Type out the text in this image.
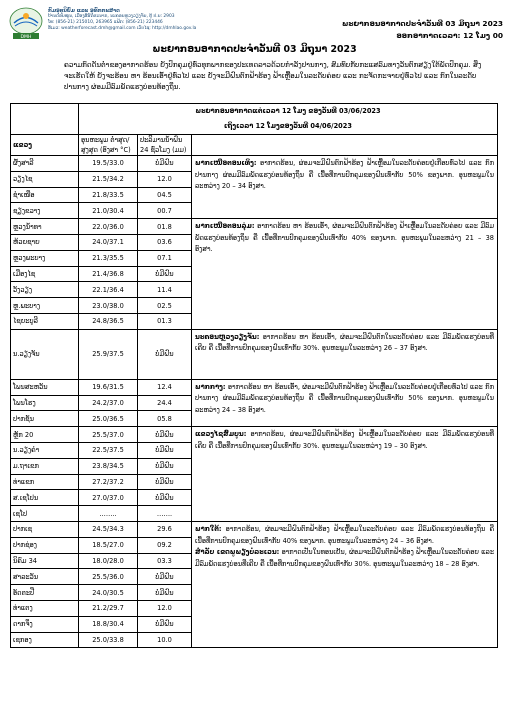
DMH
ກົມອຸຕຸນິຍົມ ແລະ ອຸທົກກະສາດ
ບ້ານດອນໜູນ, ເມືອງສີສັດຕະນາກ, ນະຄອນຫຼວງວຽງຈັນ, ຕູ້ ປ.ນ: 2903
ໂທ: (856-21) 215010, 263965 ແຟັກ: (856-21) 223446
ອີເມວ: weatherforecast.dmh@gmail.com ເວັບໄຊ: http://dmhlao.gov.la
ພະຍາກອນອາກາດປະຈໍາວັນທີ 03 ມິຖຸນາ 2023
ອອກອາກາດເວລາ: 12 ໂມງ 00
ພະຍາກອນອາກາດປະຈຳວັນທີ 03 ມິຖຸນາ 2023
ຄວາມກົດດັນຕ່ຳຂອງອາກາດຮ້ອນ ຍັງປົກຄຸມຢູ່ທົ່ວທຸກພາກຂອງປະເທດລາວດ້ວຍກຳລັງປານກາງ, ສົມທົບກັບກະແສລົມທາງວັນຕົກສຽງໃຕ້ພັດປົກຄຸມ. ສິ່ງຈະເຮັດໃຫ້ ຍັງຈະຮ້ອນ ຫາ ຮ້ອນເອົ້າຢູ່ທົ່ວໄປ ແລະ ຍັງຈະມີຝົນຕົກຟ້າຮ້ອງ ຟ້າເຫຼື້ອມໃນລະດັບຄ່ອຍ ແລະ ກະຈັດກະຈາຍຢູ່ທົ່ວໄປ ແລະ ກົກໃນລະດັບປານກາງ ຜ່ອມມີລົມພັດແຮງບ່ອນທ້ອງຖິ່ນ.

	ພະຍາກອນອາກາດແຕ່ເວລາ 12 ໂມງ ຂອງວັນທີ 03/06/2023
ເຖິງເວລາ 12 ໂມງຂອງວັນທີ 04/06/2023		

ແຂວງ	ອຸນຫະພູມ ຕ່ຳສຸດ/ ສູງສຸດ (ອົງສາ °C)	ປະລິມານນ້ຳຝົນ 24 ຊົ່ວໂມງ (ມມ)	
ຜົ້ງສາລີ	19.5/33.0	ບໍ່ມີຝົນ	ພາກເໜືອຕອນເທິງ: ອາກາດຮ້ອນ, ຜ່ອມຈະມີຝົນຕົກຟ້າຮ້ອງ ຟ້າເຫຼື້ອມໃນລະດັບຄ່ອຍຢູ່ເກືອບທົ່ວໄປ ແລະ ກົກປານກາງ ຜ່ອມມີລົມພັດແຮງບ່ອນທ້ອງຖິ່ນ ຄື ເນື້ອທີ່ການປົກຄຸມຂອງຝົນເທົ່າກັບ 50% ຂອງພາກ. ອຸນຫະພູມໃນລະຫວ່າງ 20 – 34 ອົງສາ.
ວຽງໄຊ	21.5/34.2	12.0	
ຊຳເໜືອ	21.8/33.5	04.5	
ຊຽງຂວາງ	21.0/30.4	00.7	
ຫຼວງນ້ຳທາ	22.0/36.0	01.8	ພາກເໜືອຕອນລຸ່ມ: ອາກາດຮ້ອນ ຫາ ຮ້ອນເອົ້າ, ຜ່ອມຈະມີຝົນຕົກຟ້າຮ້ອງ ຟ້າເຫຼື້ອມໃນລະດັບຄ່ອຍ ແລະ ມີລົມພັດແຮງບ່ອນທ້ອງຖິ່ນ ຄື ເນື້ອທີ່ການປົກຄຸມຂອງຝົນເທົ່າກັບ 40% ຂອງພາກ. ອຸນຫະພູມໃນລະຫວ່າງ 21 – 38 ອົງສາ.
ຫ້ວຍຊາຍ	24.0/37.1	03.6	
ຫຼວງພະບາງ	21.3/35.5	07.1	
ເມືອງໄຊ	21.4/36.8	ບໍ່ມີຝົນ	
ວັງວຽງ	22.1/36.4	11.4	
ຫຼ.ພະບາງ	23.0/38.0	02.5	
ໄຊຍະບູລີ	24.8/36.5	01.3	
ນ.ວຽງຈັນ	25.9/37.5	ບໍ່ມີຝົນ	ນະຄອນຫຼວງວຽງຈັນ: ອາກາດຮ້ອນ ຫາ ຮ້ອນເອົ້າ, ຜ່ອມຈະມີຝົນຕົກໃນລະດັບຄ່ອຍ ແລະ ມີລົມພັດແຮງບ່ອນທີ່ເຄີຍ ຄື ເນື້ອທີ່ການປົກຄຸມຂອງຝົນເທົ່າກັບ 30%. ອຸນຫະພູມໃນລະຫວ່າງ 26 – 37 ອົງສາ.
ໂພນສະຫວັນ	19.6/31.5	12.4	ພາກກາງ: ອາກາດຮ້ອນ ຫາ ຮ້ອນເອົ້າ, ຜ່ອມຈະມີຝົນຕົກຟ້າຮ້ອງ ຟ້າເຫຼື້ອມໃນລະດັບຄ່ອຍຢູ່ເກືອບທົ່ວໄປ ແລະ ກົກປານກາງ ຜ່ອມມີລົມພັດແຮງບ່ອນທ້ອງຖິ່ນ ຄື ເນື້ອທີ່ການປົກຄຸມຂອງຝົນເທົ່າກັບ 50% ຂອງພາກ. ອຸນຫະພູມໃນລະຫວ່າງ 24 – 38 ອົງສາ.
ໂພນໂຮງ	24.2/37.0	24.4	
ປາກຊັນ	25.0/36.5	05.8	
ຫຼັກ 20	25.5/37.0	ບໍ່ມີຝົນ	ແຂວງໄຊສົມບູນ: ອາກາດຮ້ອນ, ຜ່ອມຈະມີຝົນຕົກຟ້າຮ້ອງ ຟ້າເຫຼື້ອມໃນລະດັບຄ່ອຍ ແລະ ມີລົມພັດແຮງບ່ອນທີ່ເຄີຍ ຄື ເນື້ອທີ່ການປົກຄຸມຂອງຝົນເທົ່າກັບ 30%. ອຸນຫະພູມໃນລະຫວ່າງ 19 – 30 ອົງສາ.
ນ.ວຽງຄຳ	22.5/37.5	ບໍ່ມີຝົນ	
ມ.ຖາເຂກ	23.8/34.5	ບໍ່ມີຝົນ	
ທ່າແຂກ	27.2/37.2	ບໍ່ມີຝົນ	
ສ.ເຊໂປນ	27.0/37.0	ບໍ່ມີຝົນ	
ເຊໂປ	……..	…….	
ປາກເຊ	24.5/34.3	29.6	ພາກໃຕ້: ອາກາດຮ້ອນ, ຜ່ອມຈະມີຝົນຕົກຟ້າຮ້ອງ ຟ້າເຫຼື້ອມໃນລະດັບຄ່ອຍ ແລະ ມີລົມພັດແຮງບ່ອນທ້ອງຖິ່ນ ຄື ເນື້ອທີ່ການປົກຄຸມຂອງຝົນເທົ່າກັບ 40% ຂອງພາກ. ອຸນຫະພູມໃນລະຫວ່າງ 24 – 36 ອົງສາ.
ສຳລັບ ເຂດພູພຽງບໍລະເວນ: ອາກາດເປັນໃນທອນເຢັນ, ຜ່ອມຈະມີຝົນຕົກຟ້າຮ້ອງ ຟ້າເຫຼື້ອມໃນລະດັບຄ່ອຍ ແລະ ມີລົມພັດແຮງບ່ອນທີ່ເຄີຍ ຄື ເນື້ອທີ່ການປົກຄຸມຂອງຝົນເທົ່າກັບ 30%. ອຸນຫະພູມໃນລະຫວ່າງ 18 – 28 ອົງສາ.
ປາກຊ່ອງ	18.5/27.0	09.2	
ນິຄົມ 34	18.0/28.0	03.3	
ສາລະວັນ	25.5/36.0	ບໍ່ມີຝົນ	
ອັດຕະປື	24.0/30.5	ບໍ່ມີຝົນ	
ທ່າແຕງ	21.2/29.7	12.0	
ດາກຈຶງ	18.8/30.4	ບໍ່ມີຝົນ	
ເຊກອງ	25.0/33.8	10.0	
